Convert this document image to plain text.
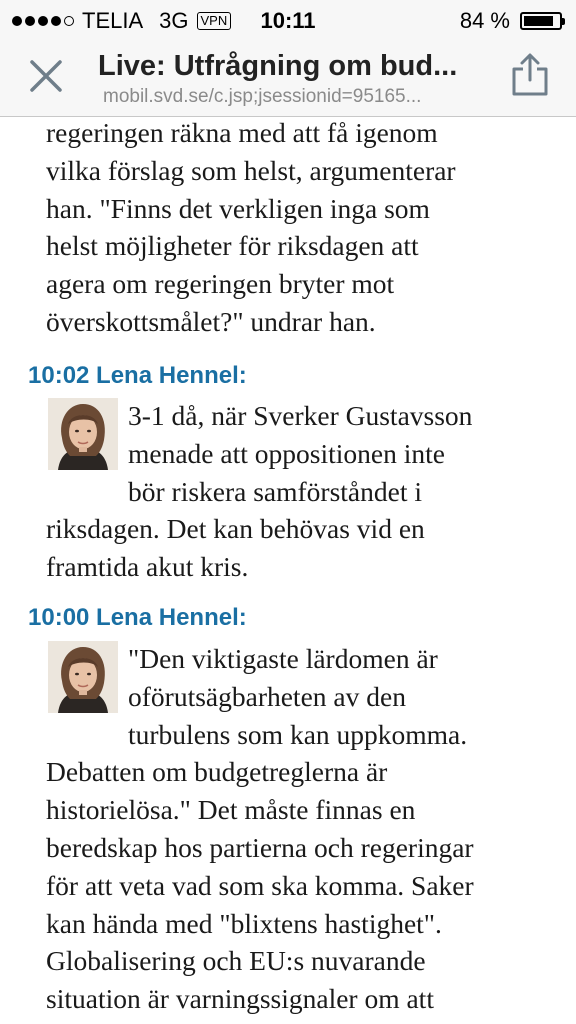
TELIA 3G VPN	10:11	84 %
Live: Utfrågning om bud...
mobil.svd.se/c.jsp;jsessionid=95165...
regeringen räkna med att få igenom
vilka förslag som helst, argumenterar
han. "Finns det verkligen inga som
helst möjligheter för riksdagen att
agera om regeringen bryter mot
överskottsmålet?" undrar han.
10:02 Lena Hennel:
3-1 då, när Sverker Gustavsson
menade att oppositionen inte
bör riskera samförståndet i
riksdagen. Det kan behövas vid en
framtida akut kris.
10:00 Lena Hennel:
"Den viktigaste lärdomen är
oförutsägbarheten av den
turbulens som kan uppkomma.
Debatten om budgetreglerna är
historielösa." Det måste finnas en
beredskap hos partierna och regeringar
för att veta vad som ska komma. Saker
kan hända med "blixtens hastighet".
Globalisering och EU:s nuvarande
situation är varningssignaler om att
